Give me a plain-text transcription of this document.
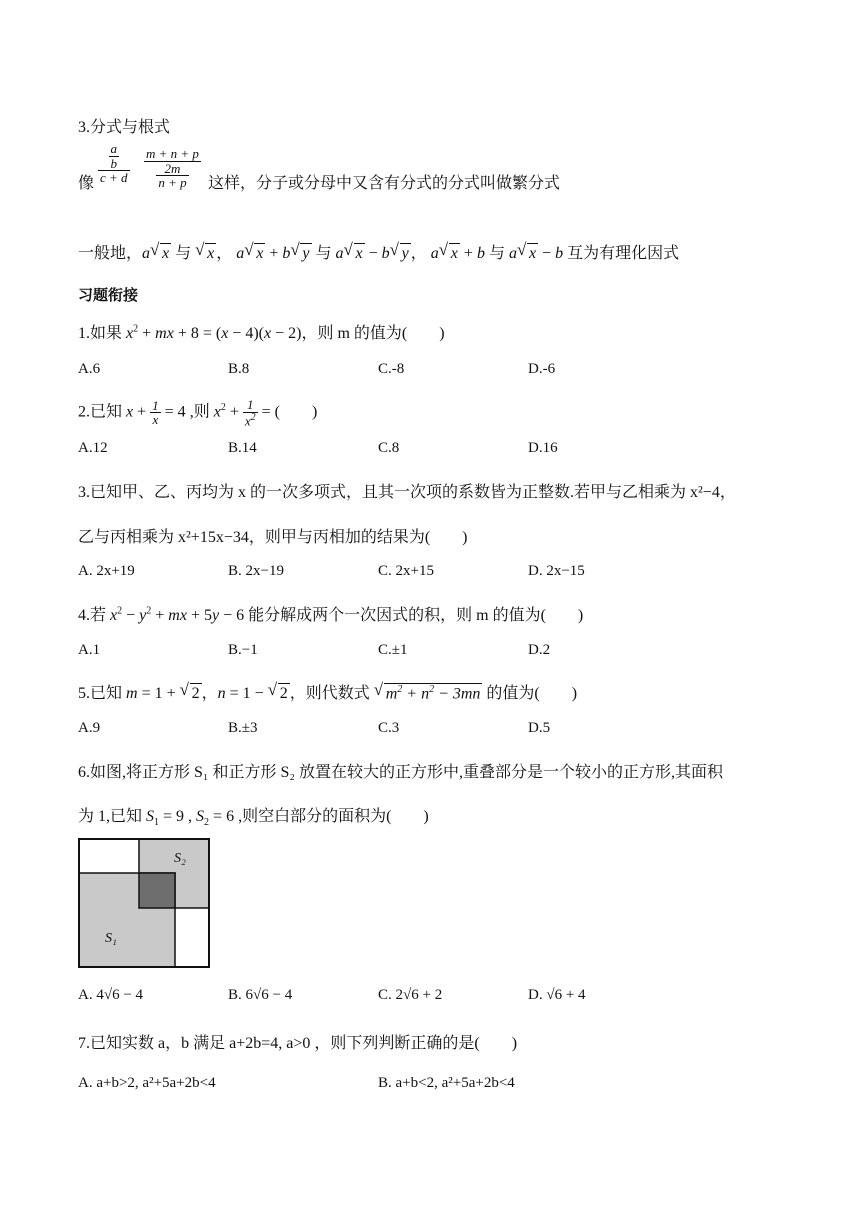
3.分式与根式
像 $\frac{\frac{a}{b}}{c + d} \frac{m + n + p}{\frac{2m}{n + p}}$ 这样，分子或分母中又含有分式的分式叫做繁分式
一般地，a √ x 与 √ x ， a √ x + b √ y 与 a √ x − b √ y ， a √ x + b 与 a √ x − b 互为有理化因式
习题衔接
1.如果 $x^2$ + mx + 8 = (x − 4)(x − 2)，则 m 的值为(　　)
A.6	B.8	C.-8	D.-6
2.已知 $x + \frac{1}{x} = 4$ ,则 $x^2 + \frac{1}{x^2}$ = (　　)
A.12	B.14	C.8	D.16
3.已知甲、乙、丙均为 x 的一次多项式，且其一次项的系数皆为正整数.若甲与乙相乘为 x²−4，
乙与丙相乘为 x²+15x−34，则甲与丙相加的结果为(　　)
A. 2x+19	B. 2x−19	C. 2x+15	D. 2x−15
4.若 $x^2 - y^2$ + mx + 5y − 6 能分解成两个一次因式的积，则 m 的值为(　　)
A.1	B.−1	C.±1	D.2
5.已知 m = 1 + √ 2 ，n = 1 − √ 2 ，则代数式 √ $m^2 + n^2 - 3mn$ 的值为(　　)
A.9	B.±3	C.3	D.5
6.如图,将正方形 S₁ 和正方形 S₂ 放置在较大的正方形中,重叠部分是一个较小的正方形,其面积
为 1,已知 $S_1 = 9$ , $S_2 = 6$ ,则空白部分的面积为(　　)
S₂
S₁
A. 4√6 − 4	B. 6√6 − 4	C. 2√6 + 2	D. √6 + 4
7.已知实数 a，b 满足 a+2b=4, a>0 ，则下列判断正确的是(　　)
A. a+b>2, a²+5a+2b<4	B. a+b<2, a²+5a+2b<4
